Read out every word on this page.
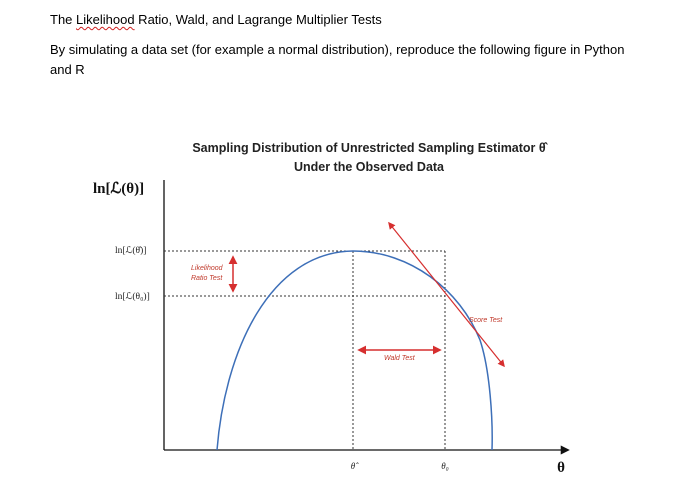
The Likelihood Ratio, Wald, and Lagrange Multiplier Tests
By simulating a data set (for example a normal distribution), reproduce the following figure in Python
and R
Sampling Distribution of Unrestricted Sampling Estimator θ̂
Under the Observed Data
ln[ℒ(θ)]
ln[ℒ(θ̂)]
ln[ℒ(θ₀)]
Likelihood
Ratio Test
Wald Test
Score Test
θ̂	θ₀	θ
